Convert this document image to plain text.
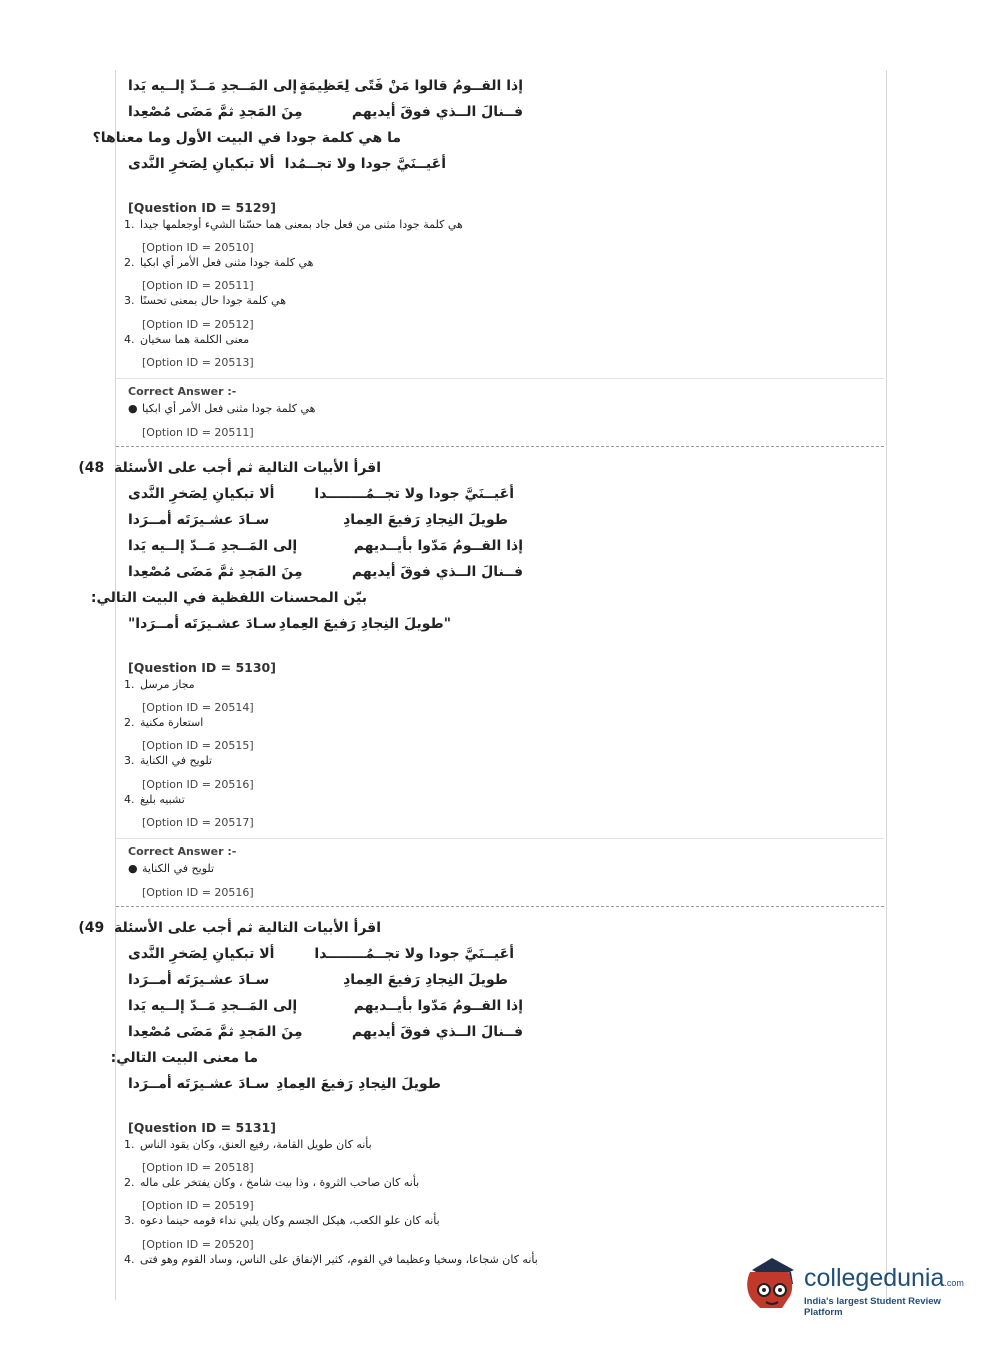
إذا القــومُ قالوا مَنْ فَتًى لِعَظِيمَةٍ
إلى المَــجدِ مَــدّ إلــيه يَدا
فــنالَ الــذي فوقَ أيديهم
مِنَ المَجدِ ثمَّ مَضَى مُصْعِدا
ما هي كلمة جودا في البيت الأول وما معناها؟
أعَيــنَيَّ جودا ولا تجــمُدا
ألا تبكيانِ لِصَخرِ النَّدى
[Question ID = 5129]
1. هي كلمة جودا مثنى من فعل جاد بمعنى هما حسّنا الشيء أوجعلمها جيدا
[Option ID = 20510]
2. هي كلمة جودا مثنى فعل الأمر أي ابكيا
[Option ID = 20511]
3. هي كلمة جودا حال بمعنى تحسنًا
[Option ID = 20512]
4. معنى الكلمة هما سخيان
[Option ID = 20513]
Correct Answer :-
● هي كلمة جودا مثنى فعل الأمر أي ابكيا
[Option ID = 20511]
اقرأ الأبيات التالية ثم أجب على الأسئلة  48)
أعَيــنَيَّ جودا ولا تجــمُــــــــدا
ألا تبكيانِ لِصَخرِ النَّدى
طويلَ النِجادِ رَفيعَ العِمادِ
سـادَ عشـيرَتَه أمــرَدا
إذا القــومُ مَدّوا بأيــديهم
إلى المَــجدِ مَــدّ إلــيه يَدا
فــنالَ الــذي فوقَ أيديهم
مِنَ المَجدِ ثمَّ مَضَى مُصْعِدا
بيّن المحسنات اللفظية في البيت التالي:
"طويلَ النِجادِ رَفيعَ العِمادِ
سـادَ عشـيرَتَه أمــرَدا"
[Question ID = 5130]
1. مجاز مرسل
[Option ID = 20514]
2. استعارة مكنية
[Option ID = 20515]
3. تلويح في الكناية
[Option ID = 20516]
4. تشبيه بليغ
[Option ID = 20517]
Correct Answer :-
● تلويح في الكناية
[Option ID = 20516]
اقرأ الأبيات التالية ثم أجب على الأسئلة  49)
أعَيــنَيَّ جودا ولا تجــمُــــــــدا
ألا تبكيانِ لِصَخرِ النَّدى
طويلَ النِجادِ رَفيعَ العِمادِ
سـادَ عشـيرَتَه أمــرَدا
إذا القــومُ مَدّوا بأيــديهم
إلى المَــجدِ مَــدّ إلــيه يَدا
فــنالَ الــذي فوقَ أيديهم
مِنَ المَجدِ ثمَّ مَضَى مُصْعِدا
ما معنى البيت التالي:
طويلَ النِجادِ رَفيعَ العِمادِ
سـادَ عشـيرَتَه أمــرَدا
[Question ID = 5131]
1. بأنه كان طويل القامة، رفيع العنق، وكان يقود الناس
[Option ID = 20518]
2. بأنه كان صاحب الثروة ، وذا بيت شامخ ، وكان يفتخر على ماله
[Option ID = 20519]
3. بأنه كان علو الكعب، هيكل الجسم وكان يلبي نداء قومه حينما دعوه
[Option ID = 20520]
4. بأنه كان شجاعا، وسخيا وعظيما في القوم، كثير الإنفاق على الناس، وساد القوم وهو فتى
collegedunia.com
India's largest Student Review Platform
